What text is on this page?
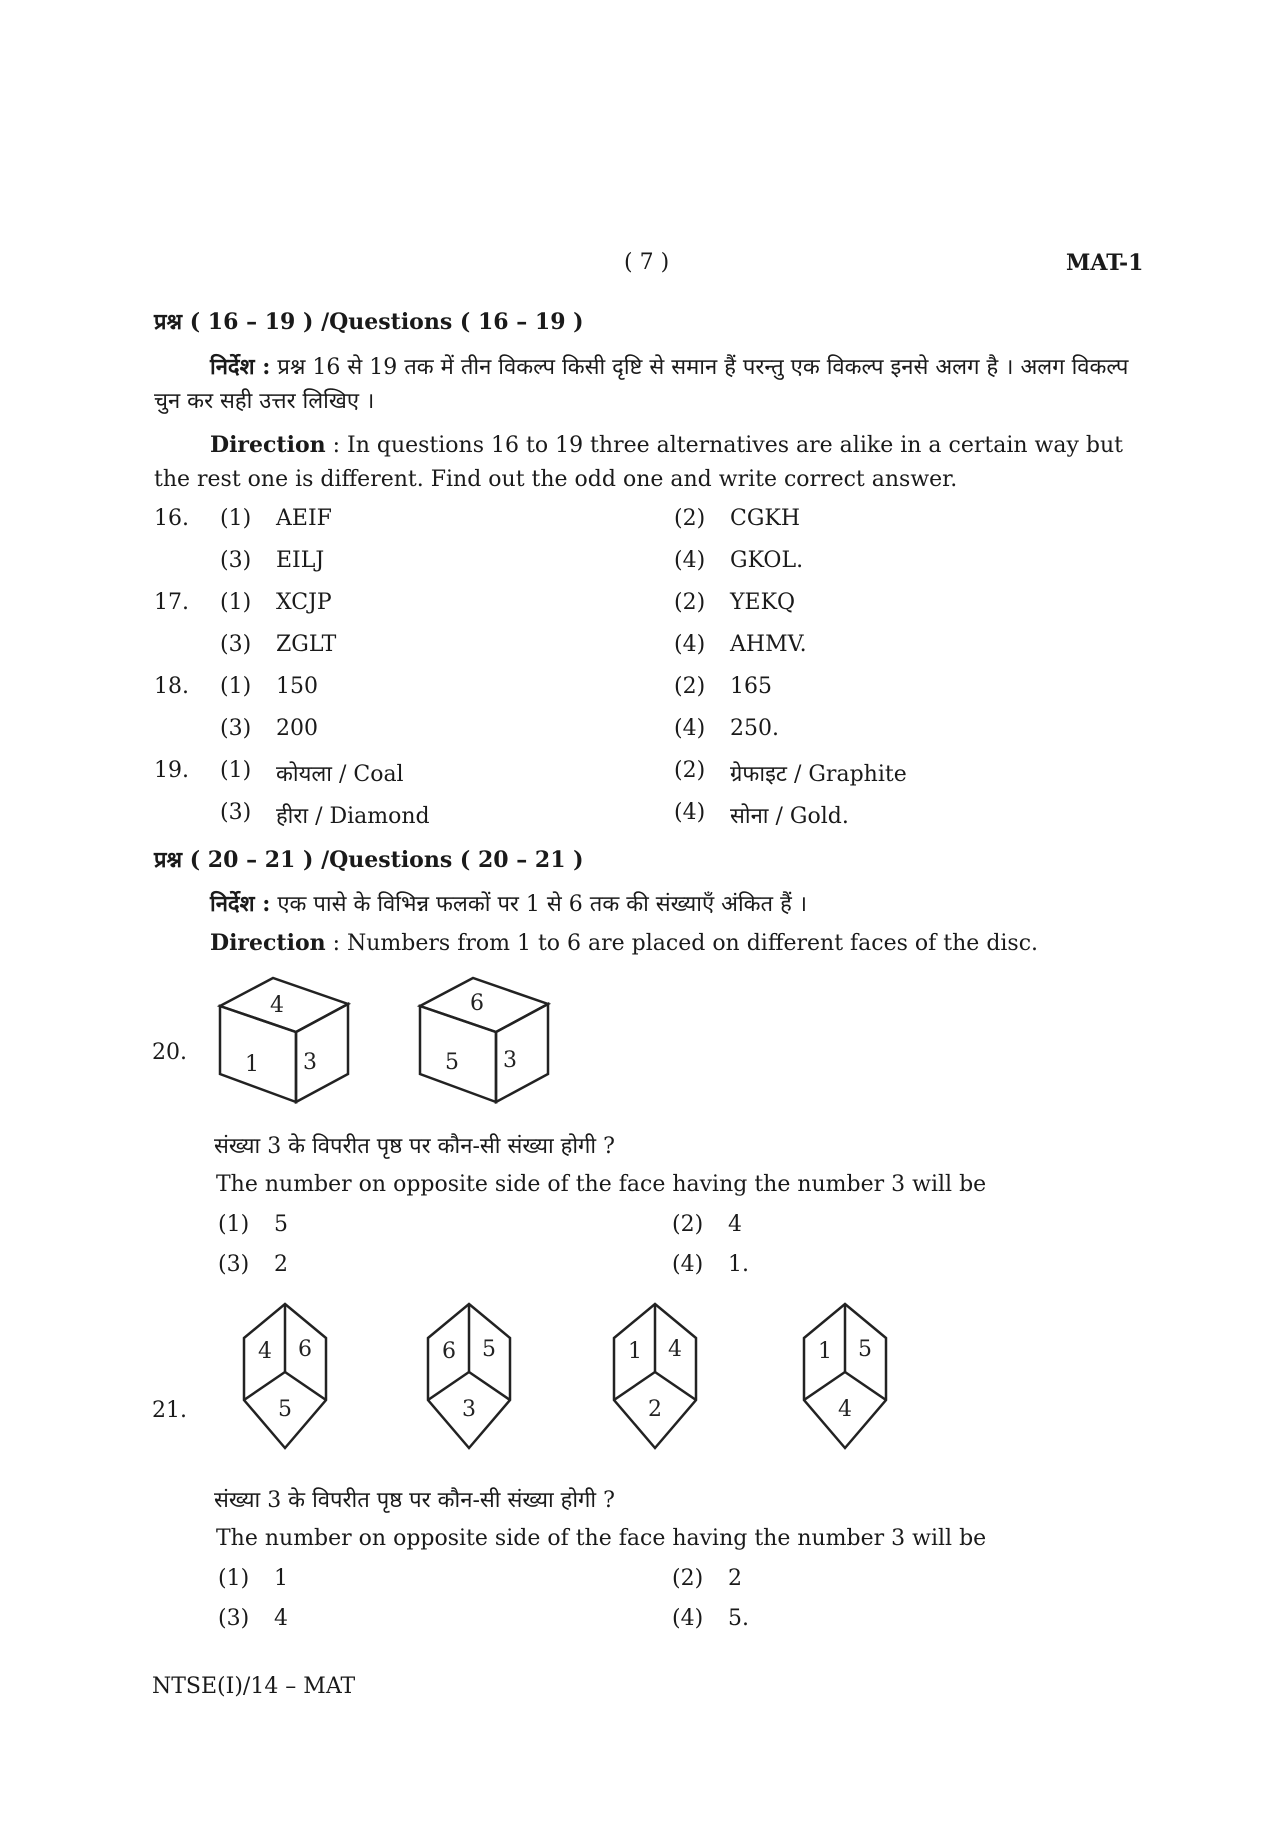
( 7 )	MAT-1
प्रश्न ( 16 – 19 ) /Questions ( 16 – 19 )
निर्देश : प्रश्न 16 से 19 तक में तीन विकल्प किसी दृष्टि से समान हैं परन्तु एक विकल्प इनसे अलग है । अलग विकल्प चुन कर सही उत्तर लिखिए ।
Direction : In questions 16 to 19 three alternatives are alike in a certain way but the rest one is different. Find out the odd one and write correct answer.
16. (1) AEIF	(2) CGKH
(3) EILJ	(4) GKOL.
17. (1) XCJP	(2) YEKQ
(3) ZGLT	(4) AHMV.
18. (1) 150	(2) 165
(3) 200	(4) 250.
19. (1) कोयला / Coal	(2) ग्रेफाइट / Graphite
(3) हीरा / Diamond	(4) सोना / Gold.
प्रश्न ( 20 – 21 ) /Questions ( 20 – 21 )
निर्देश : एक पासे के विभिन्न फलकों पर 1 से 6 तक की संख्याएँ अंकित हैं ।
Direction : Numbers from 1 to 6 are placed on different faces of the disc.
20.
4
1 3
6
5 3
संख्या 3 के विपरीत पृष्ठ पर कौन-सी संख्या होगी ?
The number on opposite side of the face having the number 3 will be
(1) 5	(2) 4
(3) 2	(4) 1.
21.
4 6
5
6 5
3
1 4
2
1 5
4
संख्या 3 के विपरीत पृष्ठ पर कौन-सी संख्या होगी ?
The number on opposite side of the face having the number 3 will be
(1) 1	(2) 2
(3) 4	(4) 5.
NTSE(I)/14 – MAT
